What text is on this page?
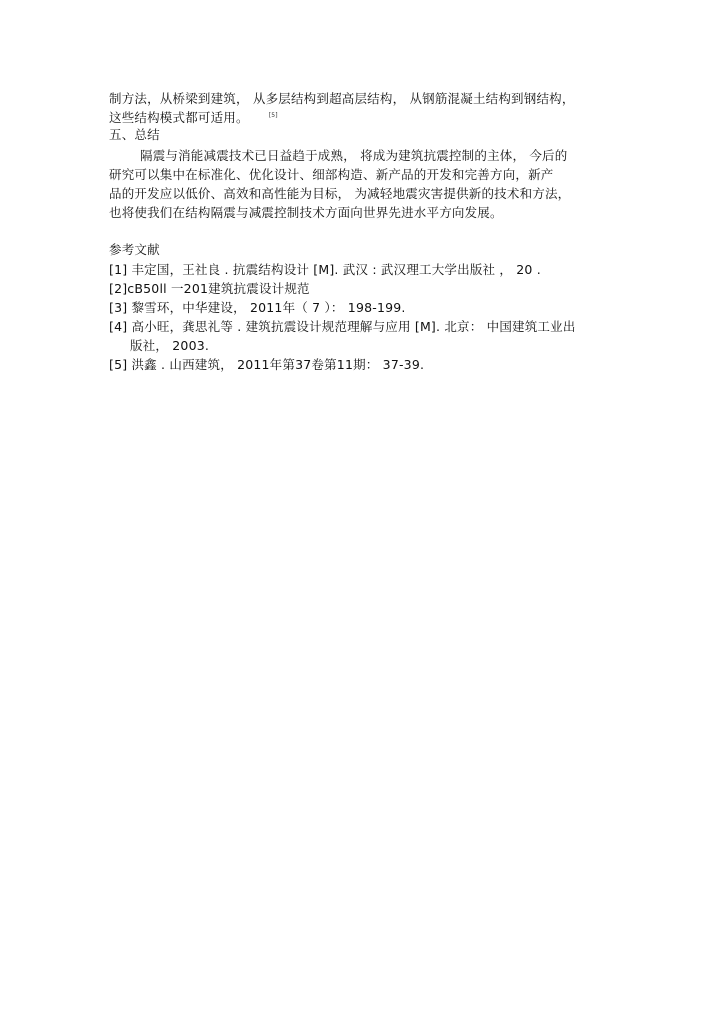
制方法，从桥梁到建筑， 从多层结构到超高层结构， 从钢筋混凝土结构到钢结构，
这些结构模式都可适用。	[5]
五、总结
隔震与消能减震技术已日益趋于成熟， 将成为建筑抗震控制的主体， 今后的
研究可以集中在标准化、优化设计、细部构造、新产品的开发和完善方向，新产
品的开发应以低价、高效和高性能为目标， 为减轻地震灾害提供新的技术和方法，
也将使我们在结构隔震与减震控制技术方面向世界先进水平方向发展。
参考文献
[1] 丰定国，王社良 . 抗震结构设计 [M]. 武汉 : 武汉理工大学出版社 ， 20 .
[2]cB50ll 一201建筑抗震设计规范
[3] 黎雪环，中华建设， 2011年（ 7 ）： 198-199.
[4] 高小旺，龚思礼等 . 建筑抗震设计规范理解与应用 [M]. 北京： 中国建筑工业出
版社， 2003.
[5] 洪鑫 . 山西建筑， 2011年第37卷第11期： 37-39.
